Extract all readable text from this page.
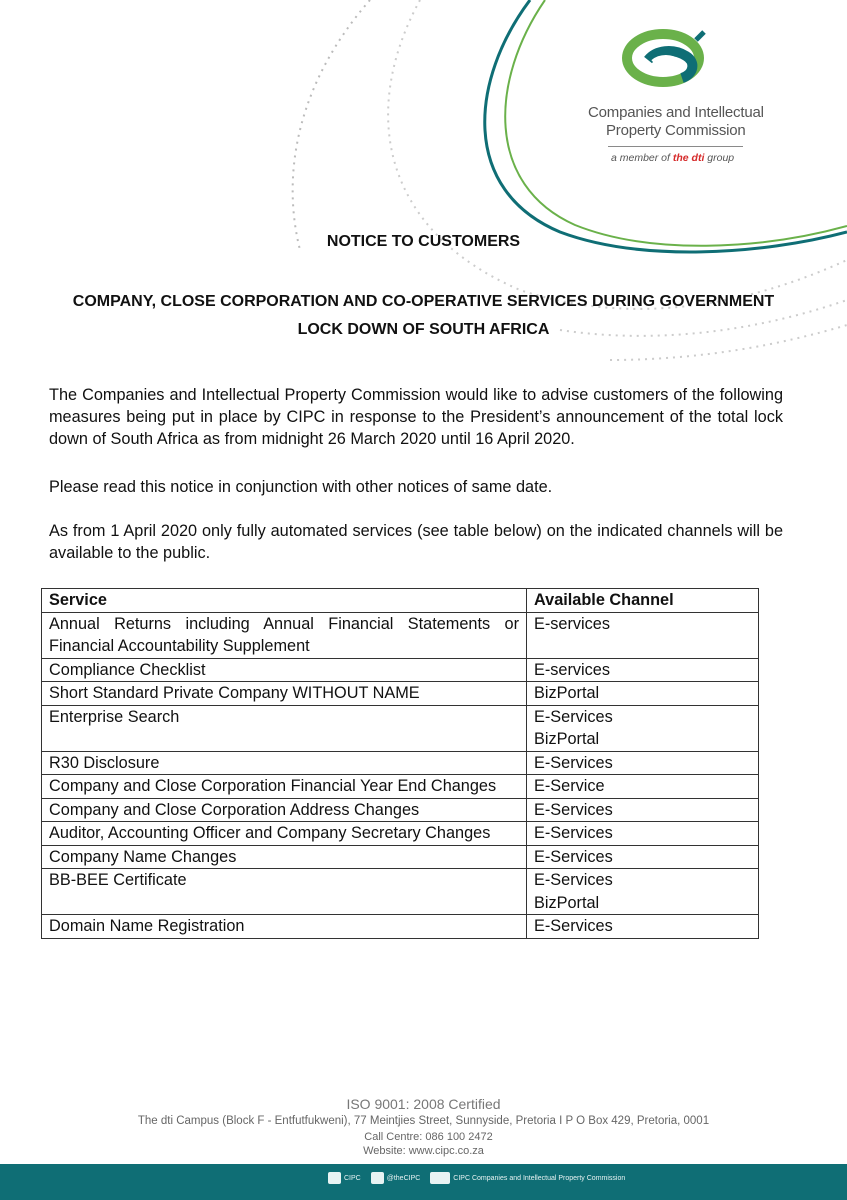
Companies and Intellectual
Property Commission
a member of the dti group
NOTICE TO CUSTOMERS
COMPANY, CLOSE CORPORATION AND CO-OPERATIVE SERVICES DURING GOVERNMENT
LOCK DOWN OF SOUTH AFRICA
The Companies and Intellectual Property Commission would like to advise customers of the following measures being put in place by CIPC in response to the President’s announcement of the total lock down of South Africa as from midnight 26 March 2020 until 16 April 2020.
Please read this notice in conjunction with other notices of same date.
As from 1 April 2020 only fully automated services (see table below) on the indicated channels will be available to the public.
Service	Available Channel
Annual Returns including Annual Financial Statements or Financial Accountability Supplement	E-services

Compliance Checklist	E-services

Short Standard Private Company WITHOUT NAME	BizPortal

Enterprise Search	E-Services
BizPortal

R30 Disclosure	E-Services

Company and Close Corporation Financial Year End Changes	E-Service

Company and Close Corporation Address Changes	E-Services

Auditor, Accounting Officer and Company Secretary Changes	E-Services

Company Name Changes	E-Services

BB-BEE Certificate	E-Services
BizPortal

Domain Name Registration	E-Services
ISO 9001: 2008 Certified
The dti Campus (Block F - Entfutfukweni), 77 Meintjies Street, Sunnyside, Pretoria I P O Box 429, Pretoria, 0001
Call Centre: 086 100 2472
Website: www.cipc.co.za
CIPC	@theCIPC	CIPC Companies and Intellectual Property Commission
